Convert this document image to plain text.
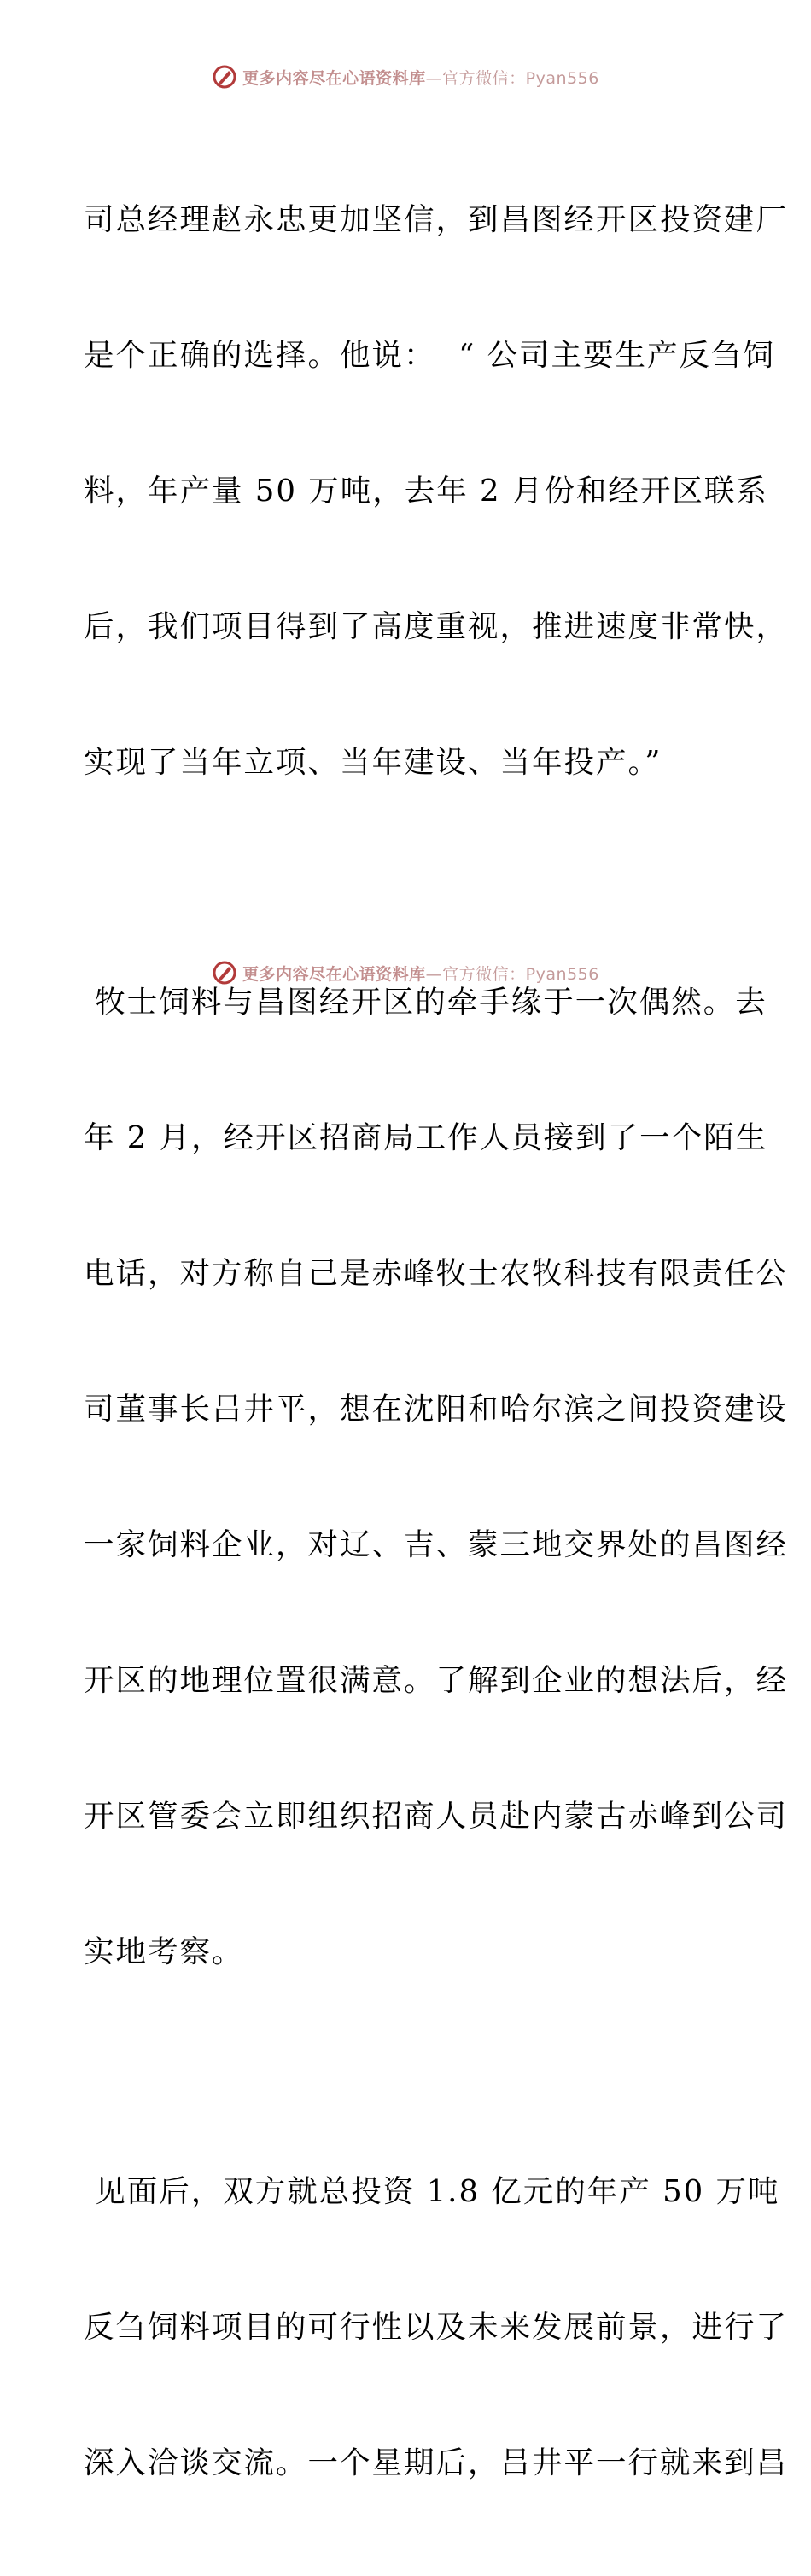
更多内容尽在心语资料库—官方微信：Pyan556

司总经理赵永忠更加坚信，到昌图经开区投资建厂

是个正确的选择。他说：  “ 公司主要生产反刍饲

料，年产量 50 万吨，去年 2 月份和经开区联系

后，我们项目得到了高度重视，推进速度非常快，

实现了当年立项、当年建设、当年投产。”

牧士饲料与昌图经开区的牵手缘于一次偶然。去

年 2 月，经开区招商局工作人员接到了一个陌生

电话，对方称自己是赤峰牧士农牧科技有限责任公

司董事长吕井平，想在沈阳和哈尔滨之间投资建设

一家饲料企业，对辽、吉、蒙三地交界处的昌图经

开区的地理位置很满意。了解到企业的想法后，经

开区管委会立即组织招商人员赴内蒙古赤峰到公司

实地考察。

见面后，双方就总投资 1.8 亿元的年产 50 万吨

反刍饲料项目的可行性以及未来发展前景，进行了

深入洽谈交流。一个星期后，吕井平一行就来到昌

更多内容尽在心语资料库—官方微信：Pyan556
